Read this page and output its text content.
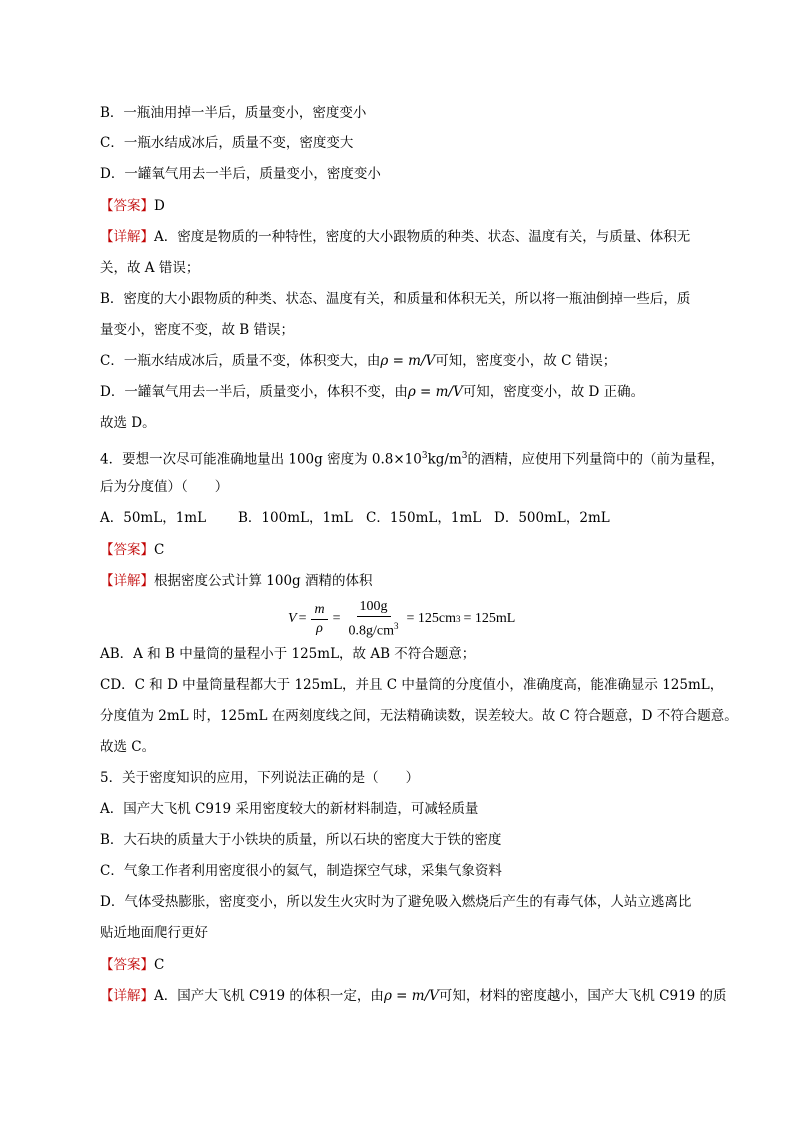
B．一瓶油用掉一半后，质量变小，密度变小
C．一瓶水结成冰后，质量不变，密度变大
D．一罐氧气用去一半后，质量变小，密度变小
【答案】D
【详解】A．密度是物质的一种特性，密度的大小跟物质的种类、状态、温度有关，与质量、体积无
关，故 A 错误；
B．密度的大小跟物质的种类、状态、温度有关，和质量和体积无关，所以将一瓶油倒掉一些后，质
量变小，密度不变，故 B 错误；
C．一瓶水结成冰后，质量不变，体积变大，由ρ = m/V可知，密度变小，故 C 错误；
D．一罐氧气用去一半后，质量变小，体积不变，由ρ = m/V可知，密度变小，故 D 正确。
故选 D。
4．要想一次尽可能准确地量出 100g 密度为 $0.8\times 10^3kg/m^3$的酒精，应使用下列量筒中的（前为量程，
后为分度值）（　　）
A．50mL，1mL B．100mL，1mL C．150mL，1mL D．500mL，2mL
【答案】C
【详解】根据密度公式计算 100g 酒精的体积
$V = \frac{m}{\rho} = \frac{100g}{0.8g/cm^3} = 125cm$ 3 = 125mL
AB．A 和 B 中量筒的量程小于 125mL，故 AB 不符合题意；
CD．C 和 D 中量筒量程都大于 125mL，并且 C 中量筒的分度值小，准确度高，能准确显示 125mL，
分度值为 2mL 时，125mL 在两刻度线之间，无法精确读数，误差较大。故 C 符合题意，D 不符合题意。
故选 C。
5．关于密度知识的应用，下列说法正确的是（　　）
A．国产大飞机 C919 采用密度较大的新材料制造，可减轻质量
B．大石块的质量大于小铁块的质量，所以石块的密度大于铁的密度
C．气象工作者利用密度很小的氦气，制造探空气球，采集气象资料
D．气体受热膨胀，密度变小，所以发生火灾时为了避免吸入燃烧后产生的有毒气体，人站立逃离比
贴近地面爬行更好
【答案】C
【详解】A．国产大飞机 C919 的体积一定，由ρ = m/V可知，材料的密度越小，国产大飞机 C919 的质
